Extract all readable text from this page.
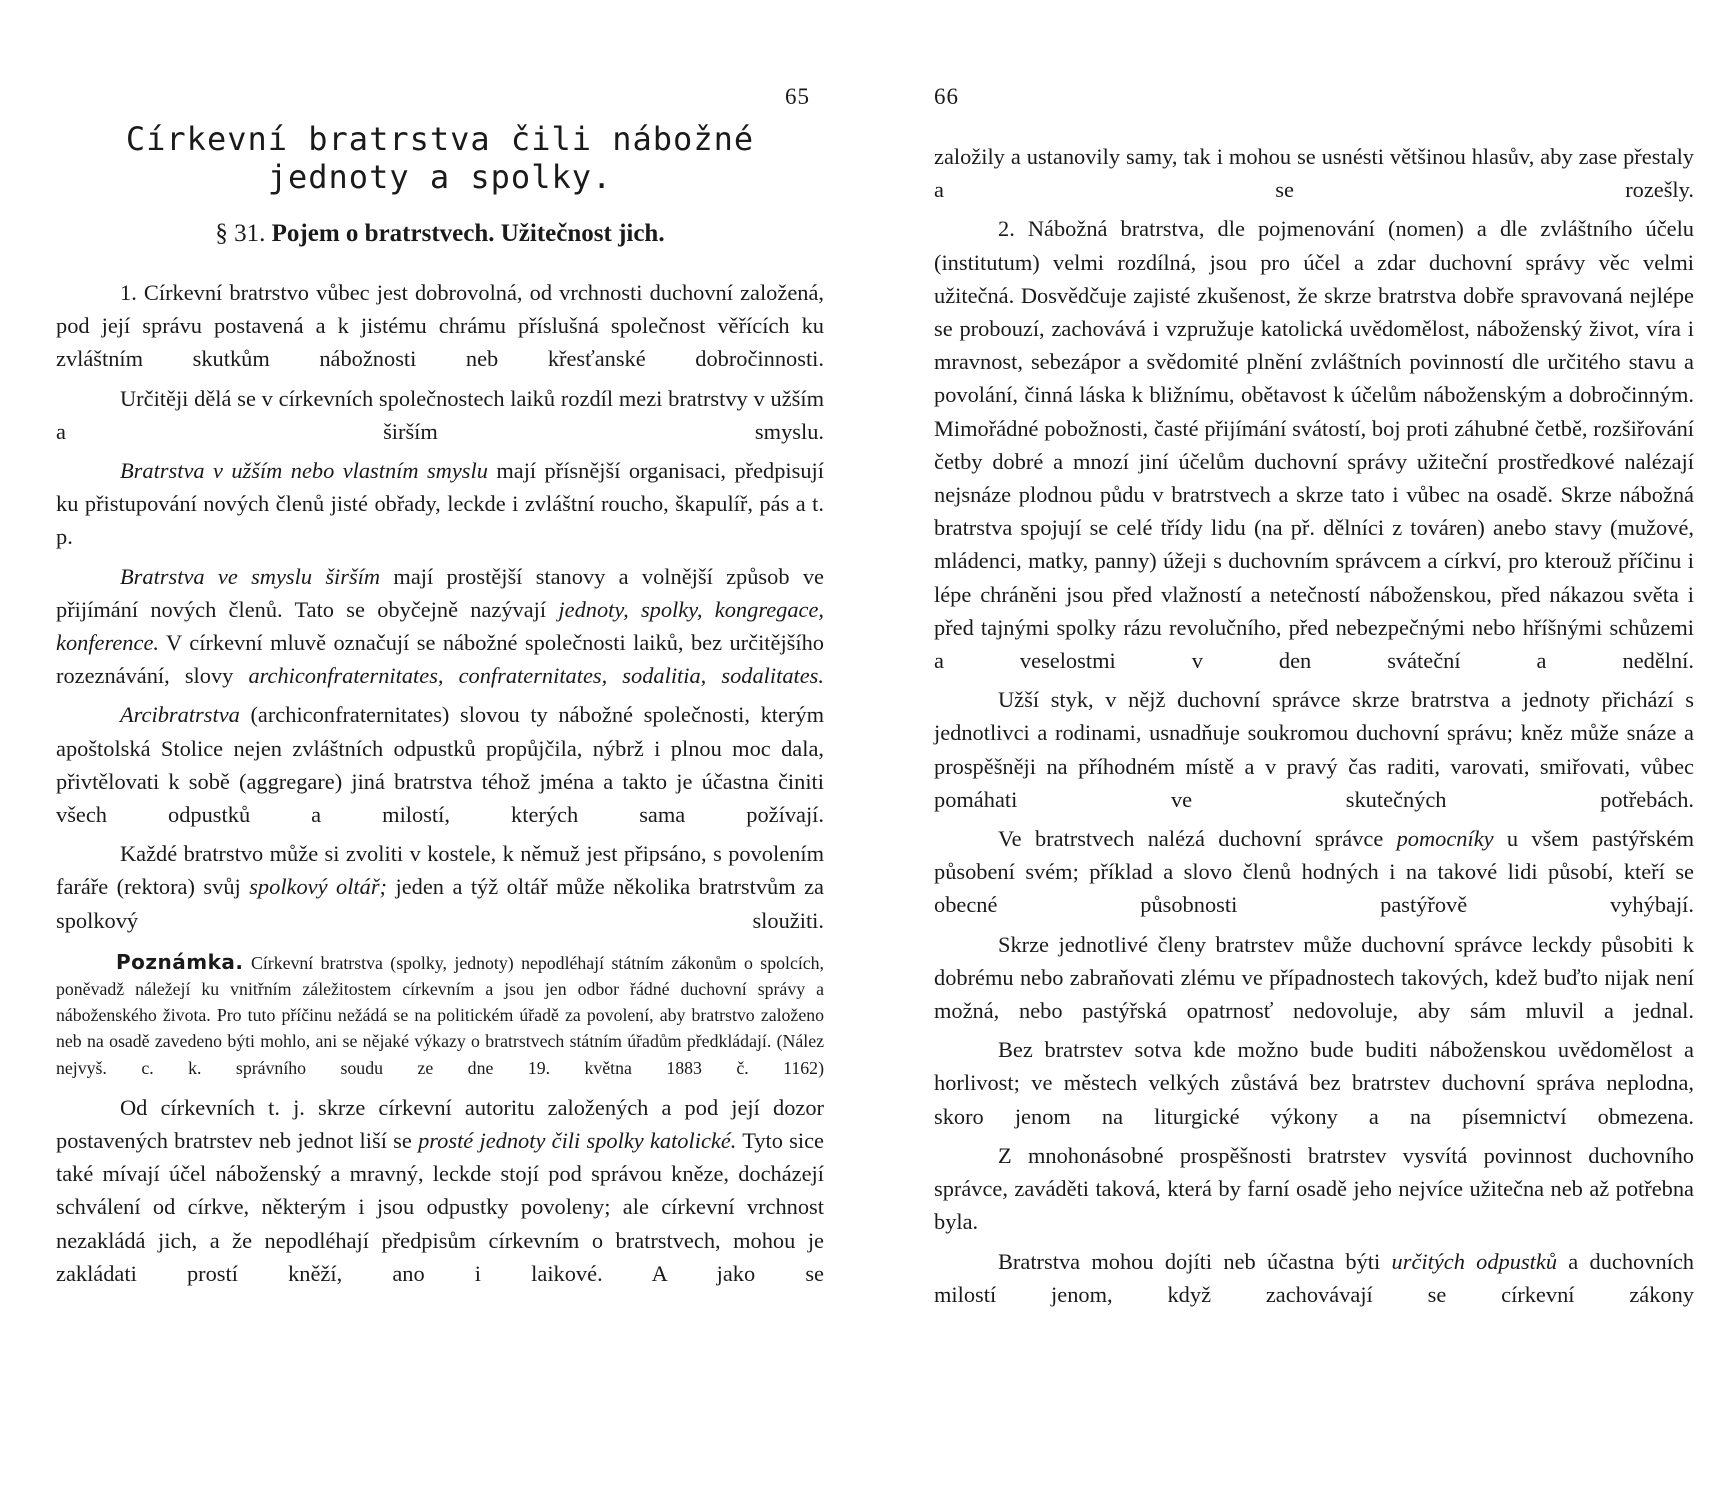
65
Církevní bratrstva čili nábožné
jednoty a spolky.
§ 31. Pojem o bratrstvech. Užitečnost jich.

1. Církevní bratrstvo vůbec jest dobrovolná, od vrchnosti duchovní založená, pod její správu postavená a k jistému chrámu příslušná společnost věřících ku zvláštním skutkům nábožnosti neb křesťanské dobročinnosti.

Určitěji dělá se v církevních společnostech laiků rozdíl mezi bratrstvy v užším a širším smyslu.

Bratrstva v užším nebo vlastním smyslu mají přísnější organisaci, předpisují ku přistupování nových členů jisté obřady, leckde i zvláštní roucho, škapulíř, pás a t. p.

Bratrstva ve smyslu širším mají prostější stanovy a volnější způsob ve přijímání nových členů. Tato se obyčejně nazývají jednoty, spolky, kongregace, konference. V církevní mluvě označují se nábožné společnosti laiků, bez určitějšího rozeznávání, slovy archiconfraternitates, confraternitates, sodalitia, sodalitates.

Arcibratrstva (archiconfraternitates) slovou ty nábožné společnosti, kterým apoštolská Stolice nejen zvláštních odpustků propůjčila, nýbrž i plnou moc dala, přivtělovati k sobě (aggregare) jiná bratrstva téhož jména a takto je účastna činiti všech odpustků a milostí, kterých sama požívají.

Každé bratrstvo může si zvoliti v kostele, k němuž jest připsáno, s povolením faráře (rektora) svůj spolkový oltář; jeden a týž oltář může několika bratrstvům za spolkový sloužiti.

Poznámka. Církevní bratrstva (spolky, jednoty) nepodléhají státním zákonům o spolcích, poněvadž náležejí ku vnitřním záležitostem církevním a jsou jen odbor řádné duchovní správy a náboženského života. Pro tuto příčinu nežádá se na politickém úřadě za povolení, aby bratrstvo založeno neb na osadě zavedeno býti mohlo, ani se nějaké výkazy o bratrstvech státním úřadům předkládají. (Nález nejvyš. c. k. správního soudu ze dne 19. května 1883 č. 1162)

Od církevních t. j. skrze církevní autoritu založených a pod její dozor postavených bratrstev neb jednot liší se prosté jednoty čili spolky katolické. Tyto sice také mívají účel náboženský a mravný, leckde stojí pod správou kněze, docházejí schválení od církve, některým i jsou odpustky povoleny; ale církevní vrchnost nezakládá jich, a že nepodléhají předpisům církevním o bratrstvech, mohou je zakládati prostí kněží, ano i laikové. A jako se

66

založily a ustanovily samy, tak i mohou se usnésti většinou hlasův, aby zase přestaly a se rozešly.

2. Nábožná bratrstva, dle pojmenování (nomen) a dle zvláštního účelu (institutum) velmi rozdílná, jsou pro účel a zdar duchovní správy věc velmi užitečná. Dosvědčuje zajisté zkušenost, že skrze bratrstva dobře spravovaná nejlépe se probouzí, zachovává i vzpružuje katolická uvědomělost, náboženský život, víra i mravnost, sebezápor a svědomité plnění zvláštních povinností dle určitého stavu a povolání, činná láska k bližnímu, obětavost k účelům náboženským a dobročinným. Mimořádné pobožnosti, časté přijímání svátostí, boj proti záhubné četbě, rozšiřování četby dobré a mnozí jiní účelům duchovní správy užiteční prostředkové nalézají nejsnáze plodnou půdu v bratrstvech a skrze tato i vůbec na osadě. Skrze nábožná bratrstva spojují se celé třídy lidu (na př. dělníci z továren) anebo stavy (mužové, mládenci, matky, panny) úžeji s duchovním správcem a církví, pro kterouž příčinu i lépe chráněni jsou před vlažností a netečností náboženskou, před nákazou světa i před tajnými spolky rázu revolučního, před nebezpečnými nebo hříšnými schůzemi a veselostmi v den sváteční a nedělní.

Užší styk, v nějž duchovní správce skrze bratrstva a jednoty přichází s jednotlivci a rodinami, usnadňuje soukromou duchovní správu; kněz může snáze a prospěšněji na příhodném místě a v pravý čas raditi, varovati, smiřovati, vůbec pomáhati ve skutečných potřebách.

Ve bratrstvech nalézá duchovní správce pomocníky u všem pastýřském působení svém; příklad a slovo členů hodných i na takové lidi působí, kteří se obecné působnosti pastýřově vyhýbají.

Skrze jednotlivé členy bratrstev může duchovní správce leckdy působiti k dobrému nebo zabraňovati zlému ve případnostech takových, kdež buďto nijak není možná, nebo pastýřská opatrnosť nedovoluje, aby sám mluvil a jednal.

Bez bratrstev sotva kde možno bude buditi náboženskou uvědomělost a horlivost; ve městech velkých zůstává bez bratrstev duchovní správa neplodna, skoro jenom na liturgické výkony a na písemnictví obmezena.

Z mnohonásobné prospěšnosti bratrstev vysvítá povinnost duchovního správce, zaváděti taková, která by farní osadě jeho nejvíce užitečna neb až potřebna byla.

Bratrstva mohou dojíti neb účastna býti určitých odpustků a duchovních milostí jenom, když zachovávají se církevní zákony
